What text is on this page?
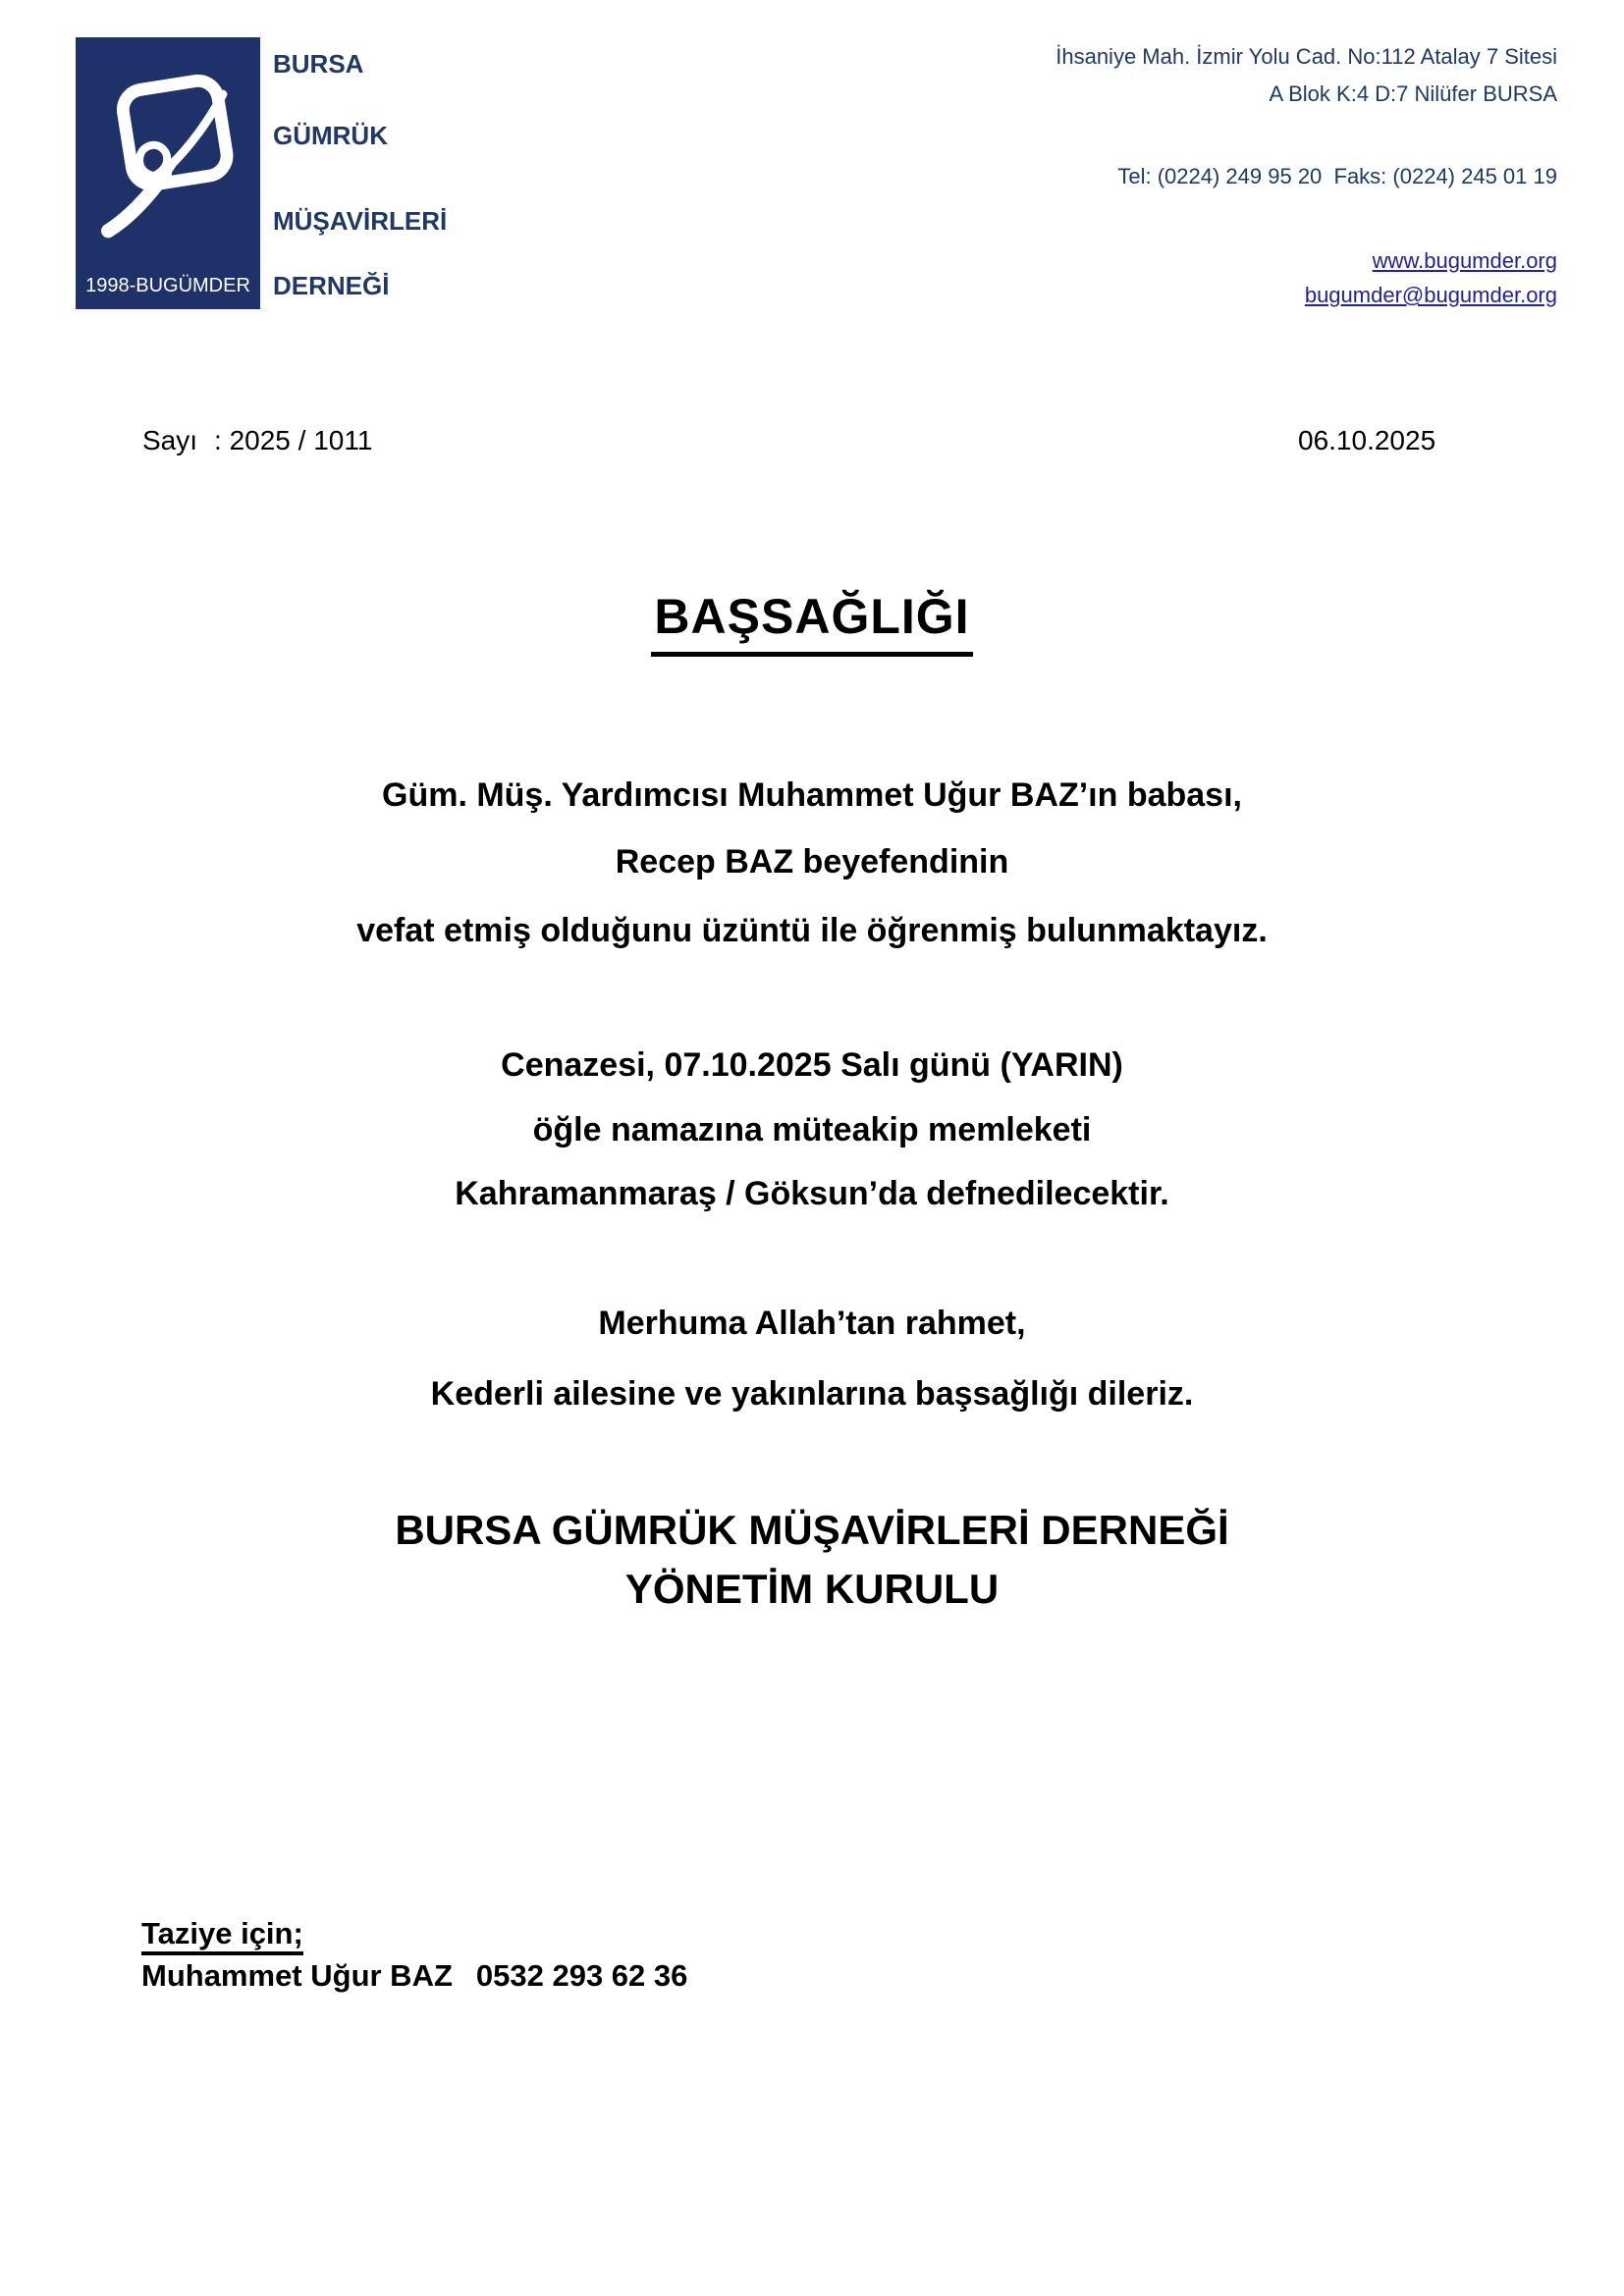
1998-BUGÜMDER
BURSA
GÜMRÜK
MÜŞAVİRLERİ
DERNEĞİ
İhsaniye Mah. İzmir Yolu Cad. No:112 Atalay 7 Sitesi
A Blok K:4 D:7 Nilüfer BURSA
Tel: (0224) 249 95 20  Faks: (0224) 245 01 19
www.bugumder.org
bugumder@bugumder.org
Sayı : 2025 / 1011	06.10.2025
BAŞSAĞLIĞI
Güm. Müş. Yardımcısı Muhammet Uğur BAZ’ın babası,
Recep BAZ beyefendinin
vefat etmiş olduğunu üzüntü ile öğrenmiş bulunmaktayız.
Cenazesi, 07.10.2025 Salı günü (YARIN)
öğle namazına müteakip memleketi
Kahramanmaraş / Göksun’da defnedilecektir.
Merhuma Allah’tan rahmet,
Kederli ailesine ve yakınlarına başsağlığı dileriz.
BURSA GÜMRÜK MÜŞAVİRLERİ DERNEĞİ
YÖNETİM KURULU
Taziye için;
Muhammet Uğur BAZ 0532 293 62 36
